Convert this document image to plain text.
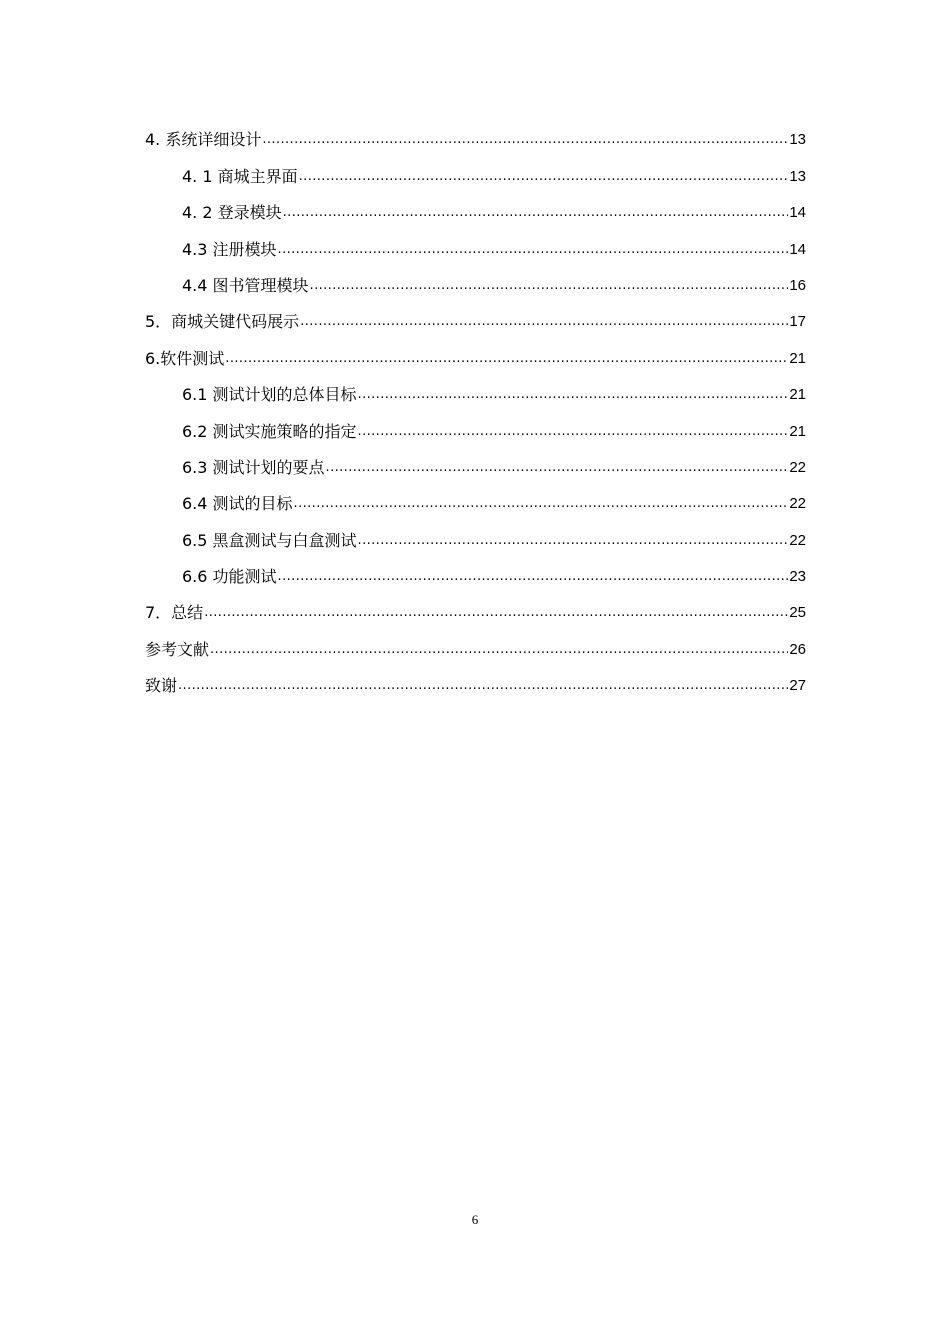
4. 系统详细设计 .....	13
4. 1 商城主界面 .....	13
4. 2 登录模块 .....	14
4.3 注册模块 .....	14
4.4 图书管理模块 .....	16
5．商城关键代码展示 .....	17
6.软件测试 .....	21
6.1 测试计划的总体目标 .....	21
6.2 测试实施策略的指定 .....	21
6.3 测试计划的要点 .....	22
6.4 测试的目标 .....	22
6.5 黑盒测试与白盒测试 .....	22
6.6 功能测试 .....	23
7．总结 .....	25
参考文献 .....	26
致谢 .....	27
6
